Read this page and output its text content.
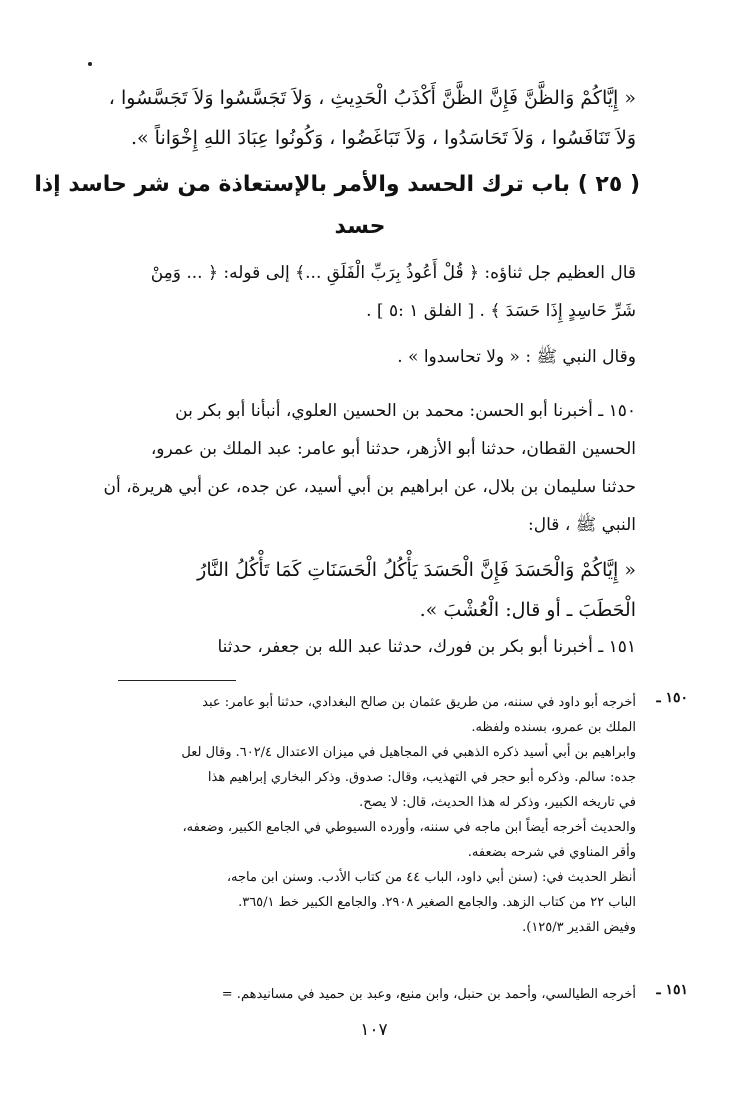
« إِيَّاكُمْ وَالظَّنَّ فَإِنَّ الظَّنَّ أَكْذَبُ الْحَدِيثِ ، وَلاَ تَجَسَّسُوا وَلاَ تَجَسَّسُوا ،
وَلاَ تَنَافَسُوا ، وَلاَ تَحَاسَدُوا ، وَلاَ تَبَاغَضُوا ، وَكُونُوا عِبَادَ اللهِ إِخْوَاناً ».
( ٢٥ ) باب ترك الحسد والأمر بالإستعاذة من شر حاسد إذا
حسد
قال العظيم جل ثناؤه: ﴿ قُلْ أَعُوذُ بِرَبِّ الْفَلَقِ ...﴾ إلى قوله: ﴿ ... وَمِنْ
شَرِّ حَاسِدٍ إِذَا حَسَدَ ﴾ . [ الفلق ١ :٥ ] .
وقال النبي ﷺ : « ولا تحاسدوا » .
١٥٠ ـ أخبرنا أبو الحسن: محمد بن الحسين العلوي، أنبأنا أبو بكر بن
الحسين القطان، حدثنا أبو الأزهر، حدثنا أبو عامر: عبد الملك بن عمرو،
حدثنا سليمان بن بلال، عن ابراهيم بن أبي أسيد، عن جده، عن أبي هريرة، أن
النبي ﷺ ، قال:
« إِيَّاكُمْ وَالْحَسَدَ فَإِنَّ الْحَسَدَ يَأْكُلُ الْحَسَنَاتِ كَمَا تَأْكُلُ النَّارُ
الْحَطَبَ ـ أو قال: الْعُشْبَ ».
١٥١ ـ أخبرنا أبو بكر بن فورك، حدثنا عبد الله بن جعفر، حدثنا
١٥٠ ـ
أخرجه أبو داود في سننه، من طريق عثمان بن صالح البغدادي، حدثنا أبو عامر: عبد
الملك بن عمرو، بسنده ولفظه.
وابراهيم بن أبي أسيد ذكره الذهبي في المجاهيل في ميزان الاعتدال ٦٠٢/٤. وقال لعل
جده: سالم. وذكره أبو حجر في التهذيب، وقال: صدوق. وذكر البخاري إبراهيم هذا
في تاريخه الكبير، وذكر له هذا الحديث، قال: لا يصح.
والحديث أخرجه أيضاً ابن ماجه في سننه، وأورده السيوطي في الجامع الكبير، وضعفه،
وأقر المناوي في شرحه بضعفه.
أنظر الحديث في: (سنن أبي داود، الباب ٤٤ من كتاب الأدب. وسنن ابن ماجه،
الباب ٢٢ من كتاب الزهد. والجامع الصغير ٢٩٠٨. والجامع الكبير خط ٣٦٥/١.
وفيض القدير ١٢٥/٣).
١٥١ ـ
أخرجه الطيالسي، وأحمد بن حنبل، وابن منيع، وعبد بن حميد في مسانيدهم. =
١٠٧
